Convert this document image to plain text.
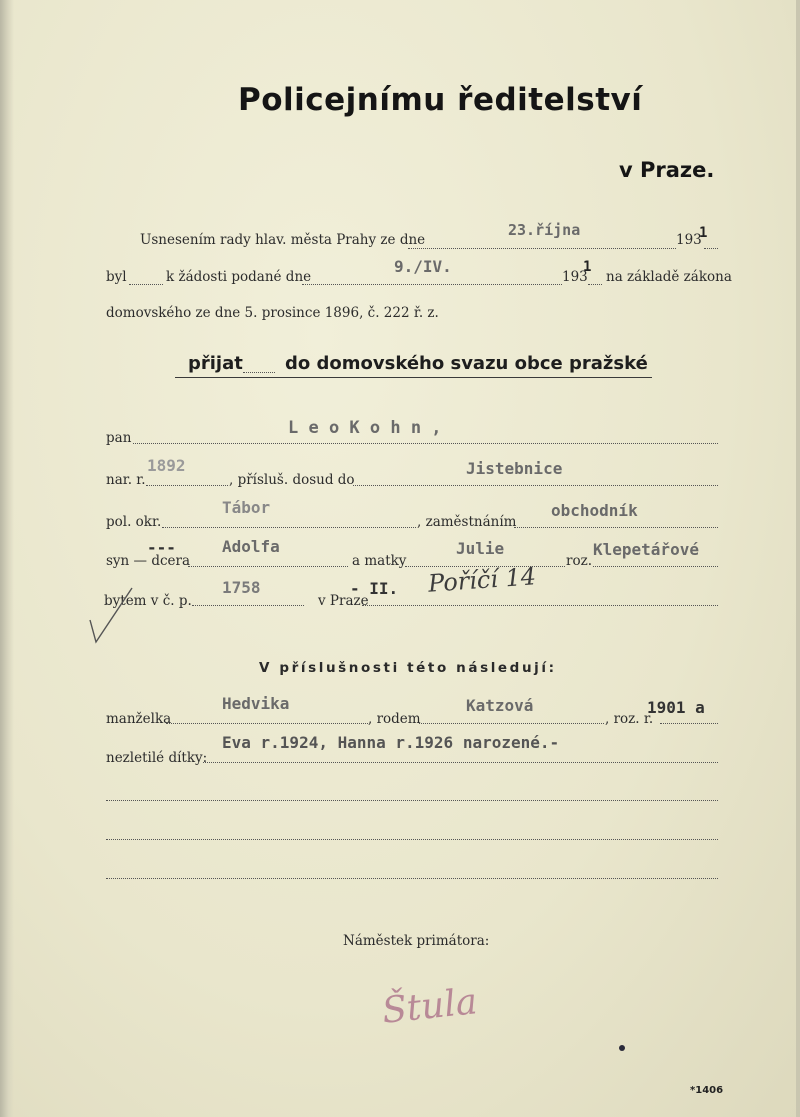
Policejnímu ředitelství
v Praze.
Usnesením rady hlav. města Prahy ze dne
23.října
193
1
byl	k žádosti podané dne
9./IV.
193
1
na základě zákona
domovského ze dne 5. prosince 1896, č. 222 ř. z.
přijat do domovského svazu obce pražské
pan	L e o K o h n ,
nar. r.
1892
, přísluš. dosud do
Jistebnice
pol. okr.
Tábor
, zaměstnáním
obchodník
syn — dcera
---	Adolfa
a matky
Julie
roz.
Klepetářové
bytem v č. p.
1758
v Praze
- II. Poříčí 14
V příslušnosti této následují:
manželka
Hedvika
, rodem
Katzová
, roz. r.
1901 a
nezletilé dítky:
Eva r.1924, Hanna r.1926 narozené.-
Náměstek primátora:
Štula
*1406
